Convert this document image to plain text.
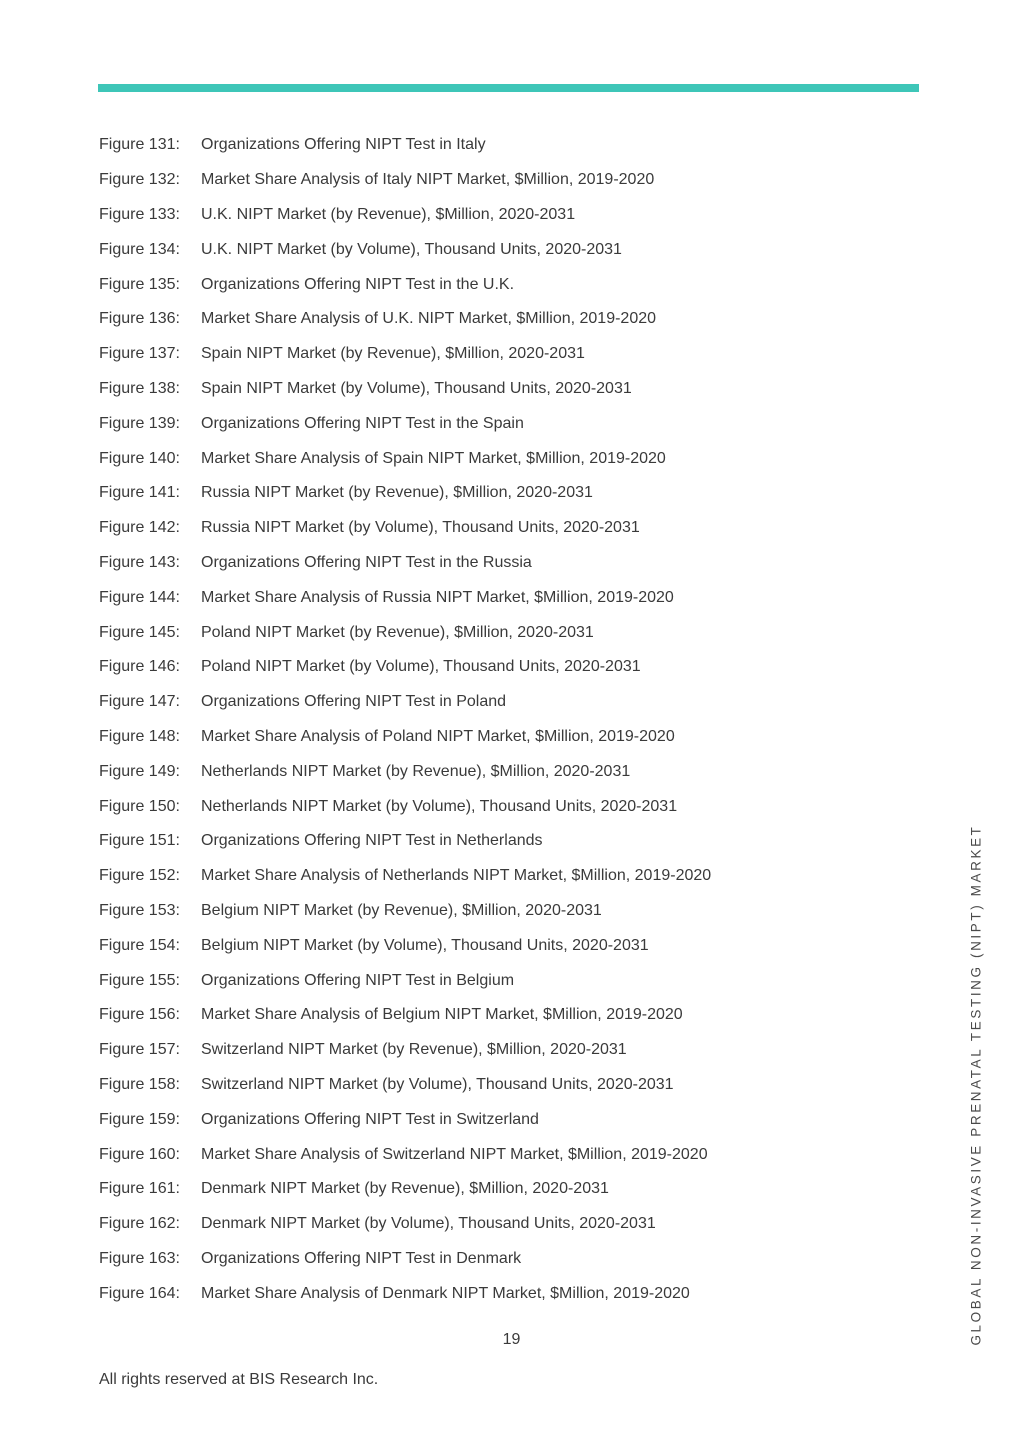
Figure 131:	Organizations Offering NIPT Test in Italy
Figure 132:	Market Share Analysis of Italy NIPT Market, $Million, 2019-2020
Figure 133:	U.K. NIPT Market (by Revenue), $Million, 2020-2031
Figure 134:	U.K. NIPT Market (by Volume), Thousand Units, 2020-2031
Figure 135:	Organizations Offering NIPT Test in the U.K.
Figure 136:	Market Share Analysis of U.K. NIPT Market, $Million, 2019-2020
Figure 137:	Spain NIPT Market (by Revenue), $Million, 2020-2031
Figure 138:	Spain NIPT Market (by Volume), Thousand Units, 2020-2031
Figure 139:	Organizations Offering NIPT Test in the Spain
Figure 140:	Market Share Analysis of Spain NIPT Market, $Million, 2019-2020
Figure 141:	Russia NIPT Market (by Revenue), $Million, 2020-2031
Figure 142:	Russia NIPT Market (by Volume), Thousand Units, 2020-2031
Figure 143:	Organizations Offering NIPT Test in the Russia
Figure 144:	Market Share Analysis of Russia NIPT Market, $Million, 2019-2020
Figure 145:	Poland NIPT Market (by Revenue), $Million, 2020-2031
Figure 146:	Poland NIPT Market (by Volume), Thousand Units, 2020-2031
Figure 147:	Organizations Offering NIPT Test in Poland
Figure 148:	Market Share Analysis of Poland NIPT Market, $Million, 2019-2020
Figure 149:	Netherlands NIPT Market (by Revenue), $Million, 2020-2031
Figure 150:	Netherlands NIPT Market (by Volume), Thousand Units, 2020-2031
Figure 151:	Organizations Offering NIPT Test in Netherlands
Figure 152:	Market Share Analysis of Netherlands NIPT Market, $Million, 2019-2020
Figure 153:	Belgium NIPT Market (by Revenue), $Million, 2020-2031
Figure 154:	Belgium NIPT Market (by Volume), Thousand Units, 2020-2031
Figure 155:	Organizations Offering NIPT Test in Belgium
Figure 156:	Market Share Analysis of Belgium NIPT Market, $Million, 2019-2020
Figure 157:	Switzerland NIPT Market (by Revenue), $Million, 2020-2031
Figure 158:	Switzerland NIPT Market (by Volume), Thousand Units, 2020-2031
Figure 159:	Organizations Offering NIPT Test in Switzerland
Figure 160:	Market Share Analysis of Switzerland NIPT Market, $Million, 2019-2020
Figure 161:	Denmark NIPT Market (by Revenue), $Million, 2020-2031
Figure 162:	Denmark NIPT Market (by Volume), Thousand Units, 2020-2031
Figure 163:	Organizations Offering NIPT Test in Denmark
Figure 164:	Market Share Analysis of Denmark NIPT Market, $Million, 2019-2020	GLOBAL NON-INVASIVE PRENATAL TESTING (NIPT) MARKET
19
All rights reserved at BIS Research Inc.
